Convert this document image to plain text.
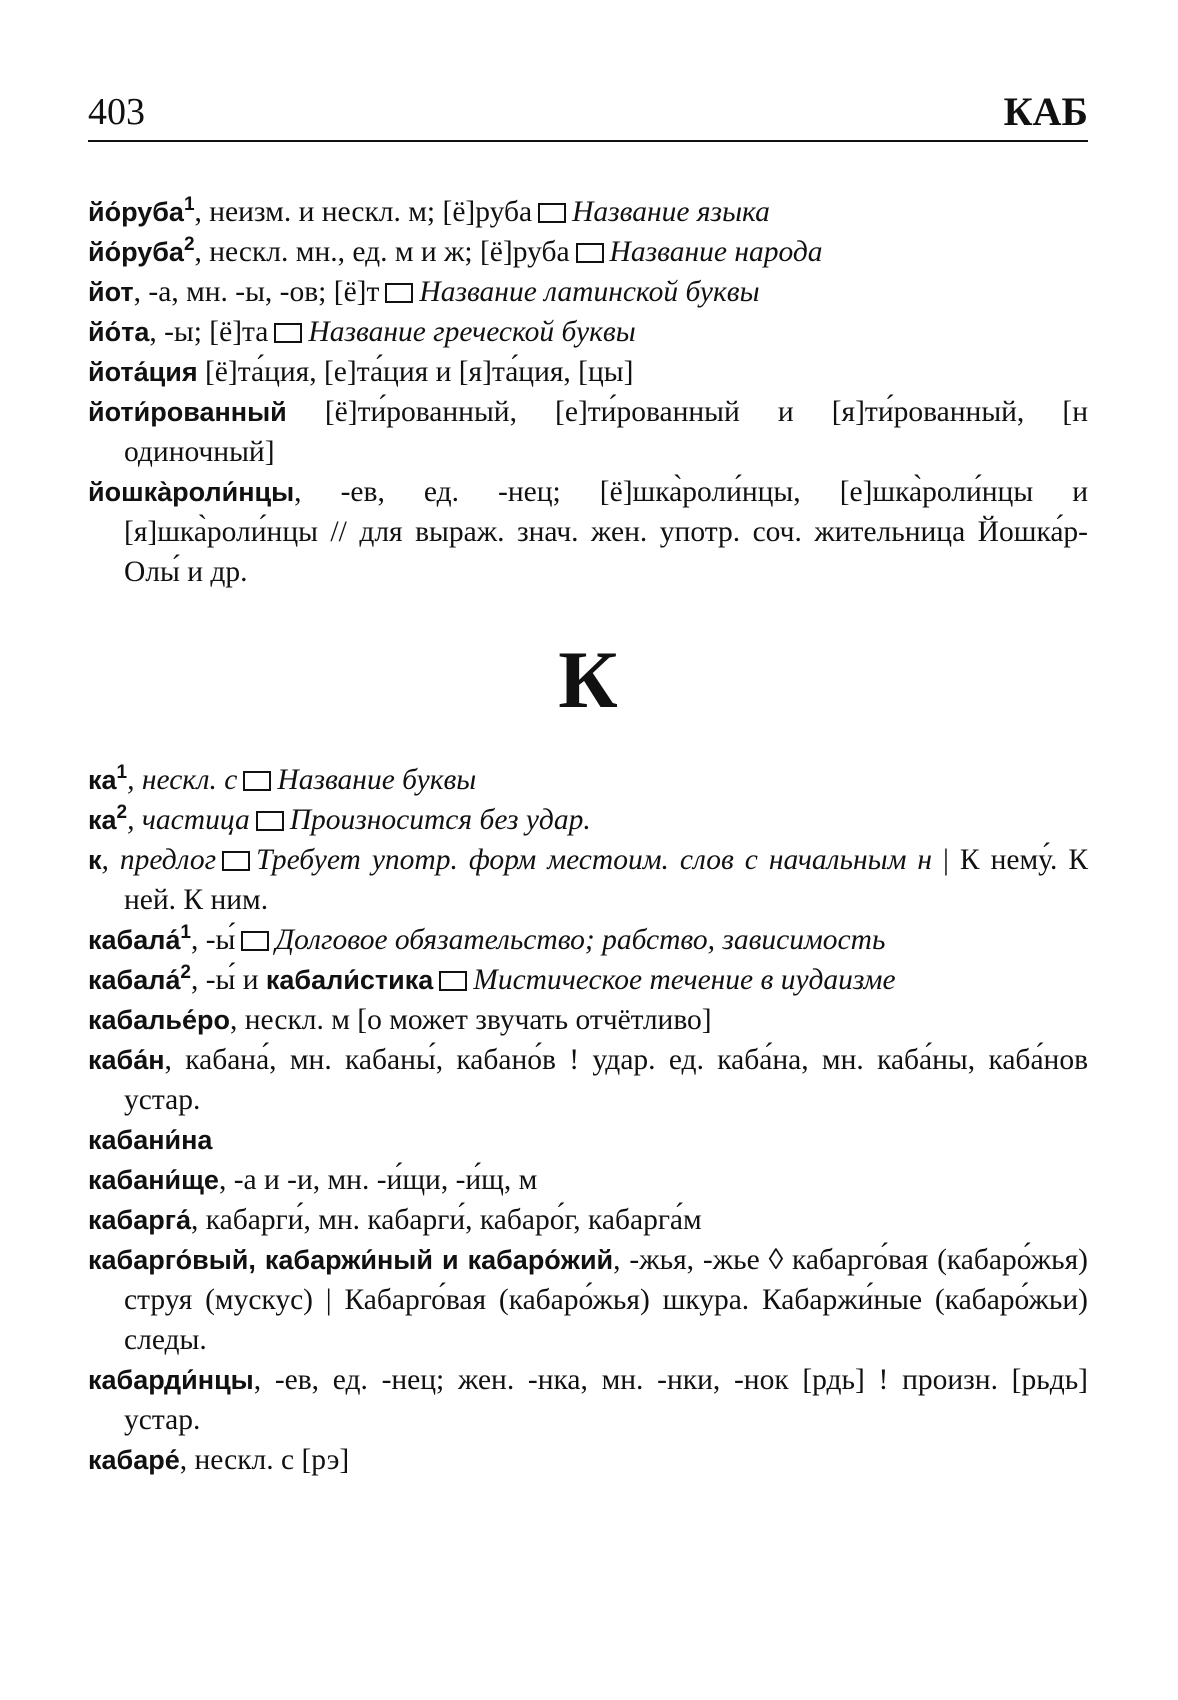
403	КАБ
йо́руба$^1$, неизм. и нескл. м; [ё]руба Название языка
йо́руба$^2$, нескл. мн., ед. м и ж; [ё]руба Название народа
йот, -а, мн. -ы, -ов; [ё]т Название латинской буквы
йо́та, -ы; [ё]та Название греческой буквы
йота́ция [ё]та́ция, [е]та́ция и [я]та́ция, [цы]
йоти́рованный [ё]ти́рованный, [е]ти́рованный и [я]ти́рованный, [н одиночный]
йошка̀роли́нцы, -ев, ед. -нец; [ё]шка̀роли́нцы, [е]шка̀роли́нцы и [я]шка̀роли́нцы // для выраж. знач. жен. употр. соч. жительница Йошка́р-Олы́ и др.
К
$ка^1$, нескл. с Название буквы
$ка^2$, частица Произносится без удар.
к, предлог Требует употр. форм местоим. слов с начальным н | К нему́. К ней. К ним.
кабала́$^1$, -ы́ Долговое обязательство; рабство, зависимость
кабала́$^2$, -ы́ и кабали́стика Мистическое течение в иудаизме
кабалье́ро, нескл. м [о может звучать отчётливо]
каба́н, кабана́, мн. кабаны́, кабано́в ! удар. ед. каба́на, мн. каба́ны, каба́нов устар.
кабани́на
кабани́ще, -а и -и, мн. -и́щи, -и́щ, м
кабарга́, кабарги́, мн. кабарги́, кабаро́г, кабарга́м
кабарго́вый, кабаржи́ный и кабаро́жий, -жья, -жье ◊ кабарго́вая (кабаро́жья) струя (мускус) | Кабарго́вая (кабаро́жья) шкура. Кабаржи́ные (кабаро́жьи) следы.
кабарди́нцы, -ев, ед. -нец; жен. -нка, мн. -нки, -нок [рдь] ! произн. [рьдь] устар.
кабаре́, нескл. с [рэ]
